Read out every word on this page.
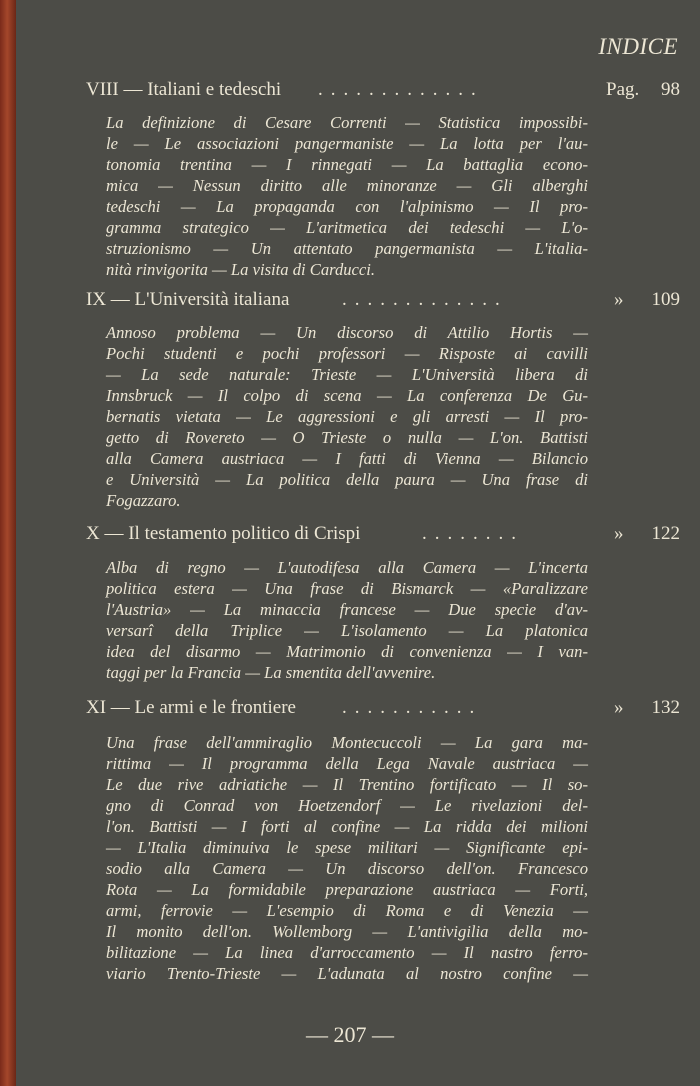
INDICE
VIII — Italiani e tedeschi .............	Pag. 98
La definizione di Cesare Correnti — Statistica impossibi-
le — Le associazioni pangermaniste — La lotta per l'au-
tonomia trentina — I rinnegati — La battaglia econo-
mica — Nessun diritto alle minoranze — Gli alberghi
tedeschi — La propaganda con l'alpinismo — Il pro-
gramma strategico — L'aritmetica dei tedeschi — L'o-
struzionismo — Un attentato pangermanista — L'italia-
nità rinvigorita — La visita di Carducci.
IX — L'Università italiana	.............	» 109
Annoso problema — Un discorso di Attilio Hortis —
Pochi studenti e pochi professori — Risposte ai cavilli
— La sede naturale: Trieste — L'Università libera di
Innsbruck — Il colpo di scena — La conferenza De Gu-
bernatis vietata — Le aggressioni e gli arresti — Il pro-
getto di Rovereto — O Trieste o nulla — L'on. Battisti
alla Camera austriaca — I fatti di Vienna — Bilancio
e Università — La politica della paura — Una frase di
Fogazzaro.
X — Il testamento politico di Crispi	........	» 122
Alba di regno — L'autodifesa alla Camera — L'incerta
politica estera — Una frase di Bismarck — «Paralizzare
l'Austria» — La minaccia francese — Due specie d'av-
versarî della Triplice — L'isolamento — La platonica
idea del disarmo — Matrimonio di convenienza — I van-
taggi per la Francia — La smentita dell'avvenire.
XI — Le armi e le frontiere ...........	» 132
Una frase dell'ammiraglio Montecuccoli — La gara ma-
rittima — Il programma della Lega Navale austriaca —
Le due rive adriatiche — Il Trentino fortificato — Il so-
gno di Conrad von Hoetzendorf — Le rivelazioni del-
l'on. Battisti — I forti al confine — La ridda dei milioni
— L'Italia diminuiva le spese militari — Significante epi-
sodio alla Camera — Un discorso dell'on. Francesco
Rota — La formidabile preparazione austriaca — Forti,
armi, ferrovie — L'esempio di Roma e di Venezia —
Il monito dell'on. Wollemborg — L'antivigilia della mo-
bilitazione — La linea d'arroccamento — Il nastro ferro-
viario Trento-Trieste — L'adunata al nostro confine —
— 207 —
